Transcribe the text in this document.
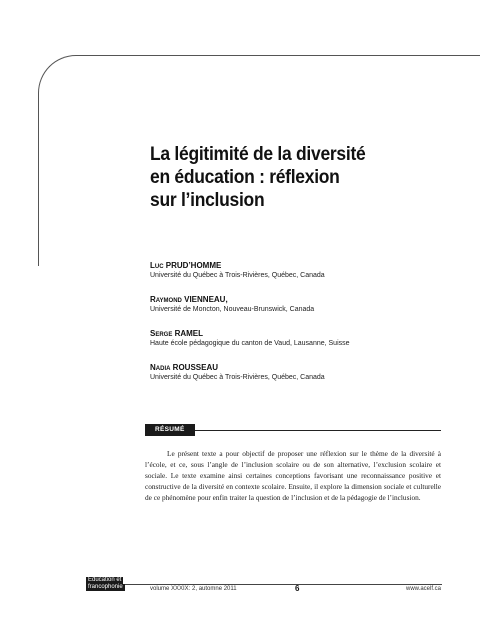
La légitimité de la diversité
en éducation : réflexion
sur l’inclusion
Luc PRUD’HOMME
Université du Québec à Trois-Rivières, Québec, Canada
Raymond VIENNEAU,
Université de Moncton, Nouveau-Brunswick, Canada
Serge RAMEL
Haute école pédagogique du canton de Vaud, Lausanne, Suisse
Nadia ROUSSEAU
Université du Québec à Trois-Rivières, Québec, Canada
RÉSUMÉ

Le présent texte a pour objectif de proposer une réflexion sur le thème de la diversité à l’école, et ce, sous l’angle de l’inclusion scolaire ou de son alternative, l’exclusion scolaire et sociale. Le texte examine ainsi certaines conceptions favorisant une reconnaissance positive et constructive de la diversité en contexte scolaire. Ensuite, il explore la dimension sociale et culturelle de ce phénomène pour enfin traiter la question de l’inclusion et de la pédagogie de l’inclusion.

Éducation et
francophonie	volume XXXIX: 2, automne 2011	6	www.acelf.ca
